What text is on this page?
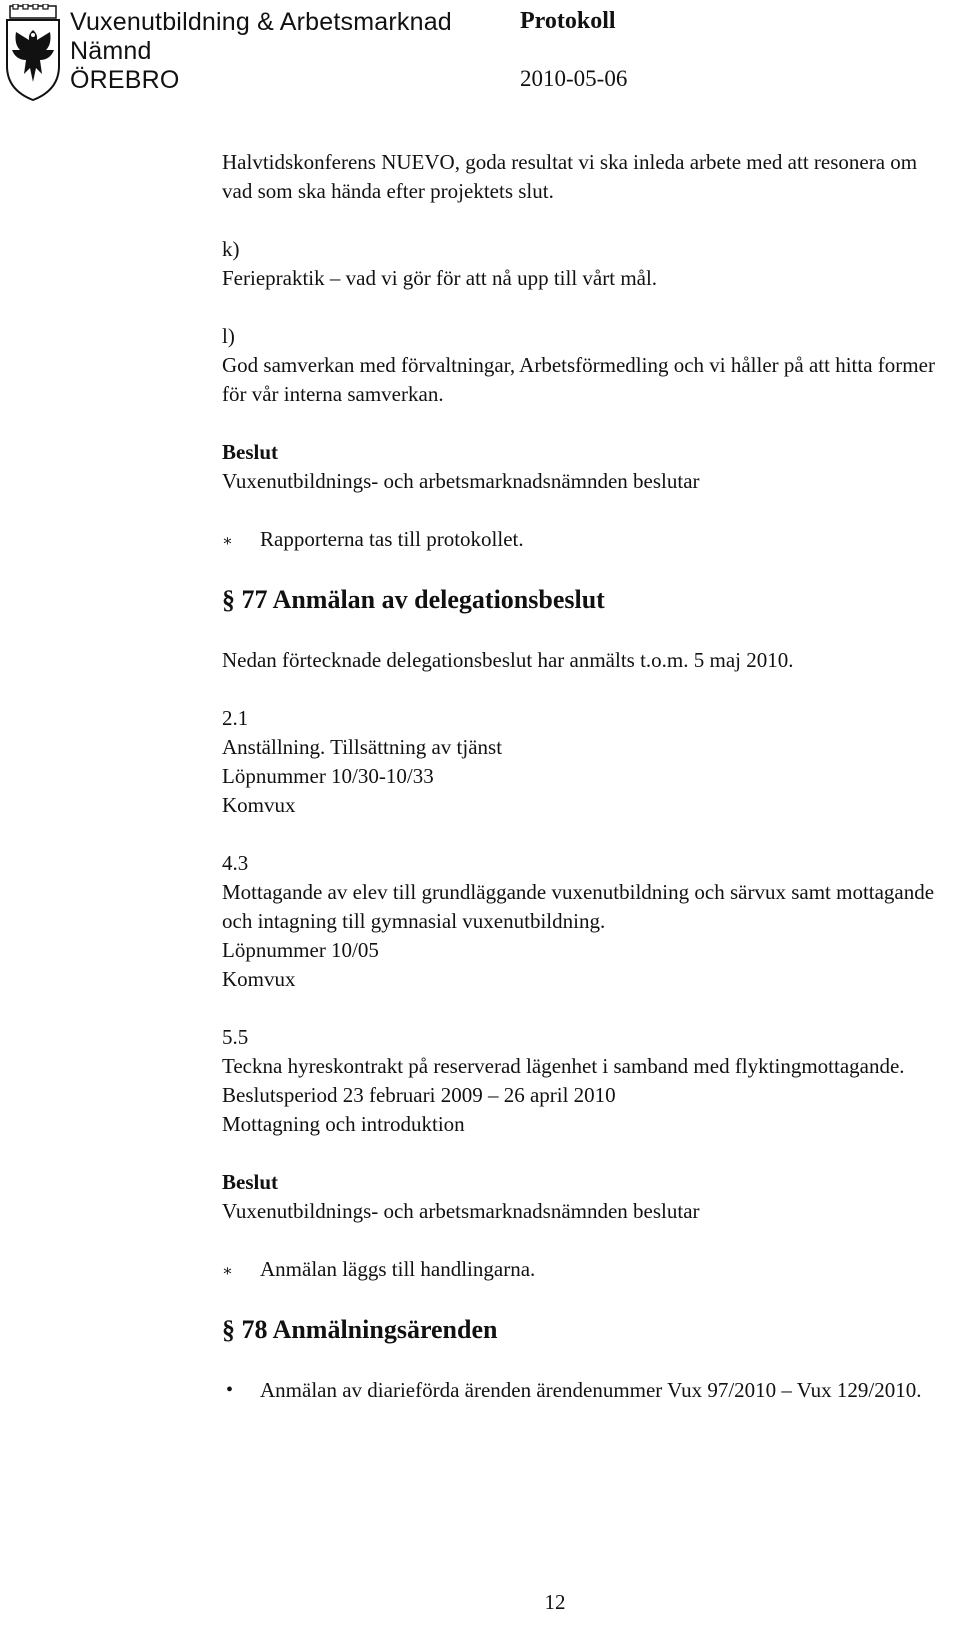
Vuxenutbildning & Arbetsmarknad
Nämnd
ÖREBRO
Protokoll
2010-05-06

Halvtidskonferens NUEVO, goda resultat vi ska inleda arbete med att resonera om vad som ska hända efter projektets slut.

k)

Feriepraktik – vad vi gör för att nå upp till vårt mål.

l)

God samverkan med förvaltningar, Arbetsförmedling och vi håller på att hitta former för vår interna samverkan.

Beslut

Vuxenutbildnings- och arbetsmarknadsnämnden beslutar

∗ Rapporterna tas till protokollet.

§ 77 Anmälan av delegationsbeslut

Nedan förtecknade delegationsbeslut har anmälts t.o.m. 5 maj 2010.

2.1

Anställning. Tillsättning av tjänst

Löpnummer 10/30-10/33

Komvux

4.3

Mottagande av elev till grundläggande vuxenutbildning och särvux samt mottagande och intagning till gymnasial vuxenutbildning.

Löpnummer 10/05

Komvux

5.5

Teckna hyreskontrakt på reserverad lägenhet i samband med flyktingmottagande.

Beslutsperiod 23 februari 2009 – 26 april 2010

Mottagning och introduktion

Beslut

Vuxenutbildnings- och arbetsmarknadsnämnden beslutar

∗ Anmälan läggs till handlingarna.

§ 78 Anmälningsärenden

• Anmälan av diarieförda ärenden ärendenummer Vux 97/2010 – Vux 129/2010.
12
